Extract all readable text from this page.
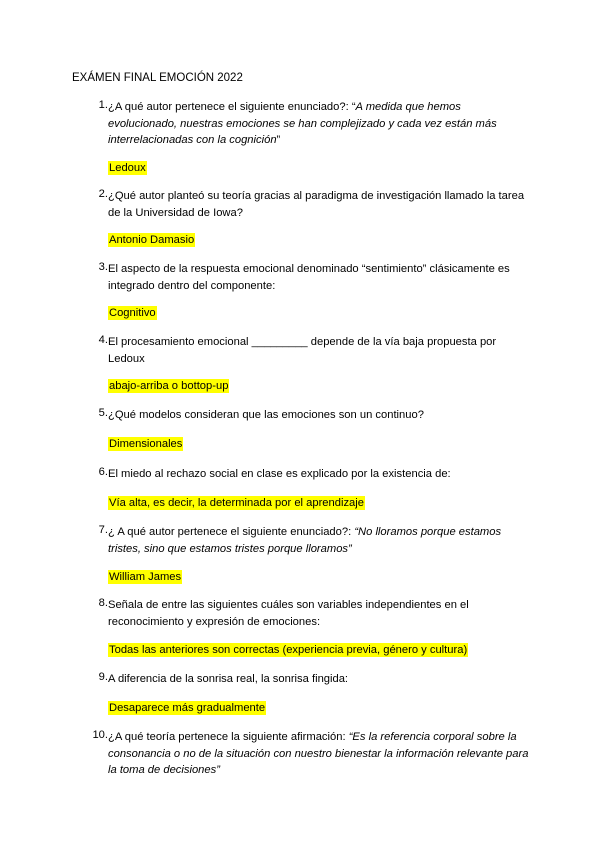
EXÁMEN FINAL EMOCIÓN 2022
1. ¿A qué autor pertenece el siguiente enunciado?: “A medida que hemos evolucionado, nuestras emociones se han complejizado y cada vez están más interrelacionadas con la cognición”
Ledoux
2. ¿Qué autor planteó su teoría gracias al paradigma de investigación llamado la tarea de la Universidad de Iowa?
Antonio Damasio
3. El aspecto de la respuesta emocional denominado “sentimiento” clásicamente es integrado dentro del componente:
Cognitivo
4. El procesamiento emocional _________ depende de la vía baja propuesta por Ledoux
abajo-arriba o bottop-up
5. ¿Qué modelos consideran que las emociones son un continuo?
Dimensionales
6. El miedo al rechazo social en clase es explicado por la existencia de:
Vía alta, es decir, la determinada por el aprendizaje
7. ¿ A qué autor pertenece el siguiente enunciado?: “No lloramos porque estamos tristes, sino que estamos tristes porque lloramos”
William James
8. Señala de entre las siguientes cuáles son variables independientes en el reconocimiento y expresión de emociones:
Todas las anteriores son correctas (experiencia previa, género y cultura)
9. A diferencia de la sonrisa real, la sonrisa fingida:
Desaparece más gradualmente
10. ¿A qué teoría pertenece la siguiente afirmación: “Es la referencia corporal sobre la consonancia o no de la situación con nuestro bienestar la información relevante para la toma de decisiones”
